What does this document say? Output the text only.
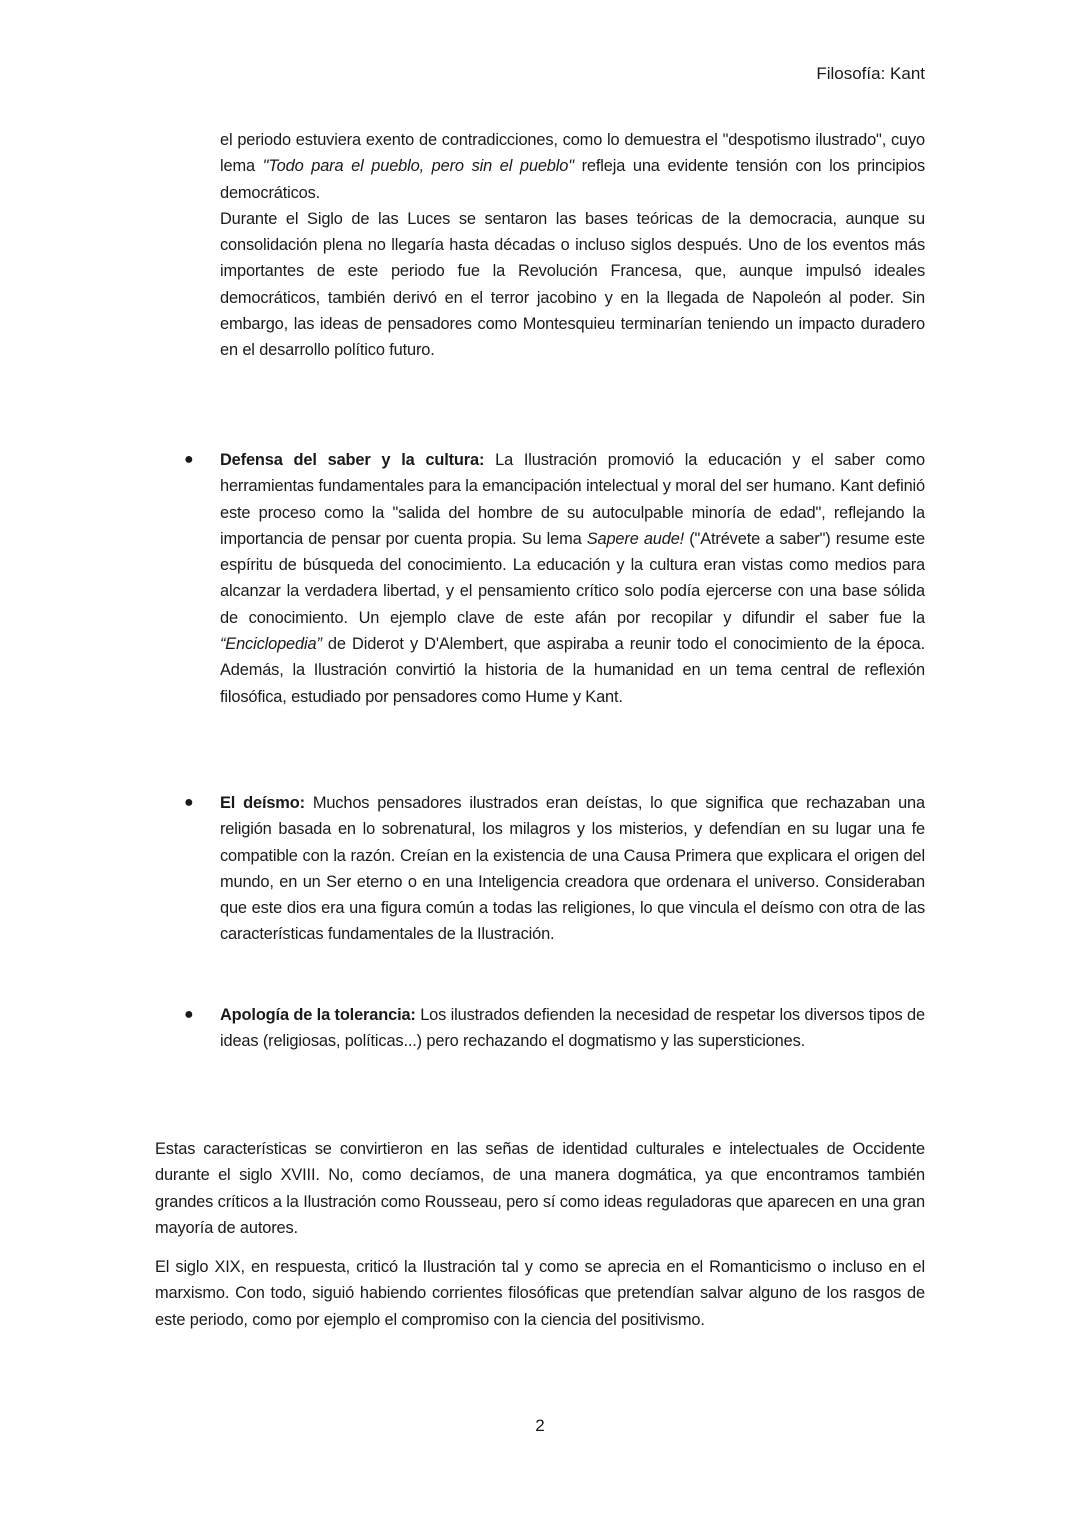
Filosofía: Kant
el periodo estuviera exento de contradicciones, como lo demuestra el "despotismo ilustrado", cuyo lema "Todo para el pueblo, pero sin el pueblo" refleja una evidente tensión con los principios democráticos.
Durante el Siglo de las Luces se sentaron las bases teóricas de la democracia, aunque su consolidación plena no llegaría hasta décadas o incluso siglos después. Uno de los eventos más importantes de este periodo fue la Revolución Francesa, que, aunque impulsó ideales democráticos, también derivó en el terror jacobino y en la llegada de Napoleón al poder. Sin embargo, las ideas de pensadores como Montesquieu terminarían teniendo un impacto duradero en el desarrollo político futuro.
● Defensa del saber y la cultura: La Ilustración promovió la educación y el saber como herramientas fundamentales para la emancipación intelectual y moral del ser humano. Kant definió este proceso como la "salida del hombre de su autoculpable minoría de edad", reflejando la importancia de pensar por cuenta propia. Su lema Sapere aude! ("Atrévete a saber") resume este espíritu de búsqueda del conocimiento. La educación y la cultura eran vistas como medios para alcanzar la verdadera libertad, y el pensamiento crítico solo podía ejercerse con una base sólida de conocimiento. Un ejemplo clave de este afán por recopilar y difundir el saber fue la “Enciclopedia” de Diderot y D'Alembert, que aspiraba a reunir todo el conocimiento de la época. Además, la Ilustración convirtió la historia de la humanidad en un tema central de reflexión filosófica, estudiado por pensadores como Hume y Kant.
● El deísmo: Muchos pensadores ilustrados eran deístas, lo que significa que rechazaban una religión basada en lo sobrenatural, los milagros y los misterios, y defendían en su lugar una fe compatible con la razón. Creían en la existencia de una Causa Primera que explicara el origen del mundo, en un Ser eterno o en una Inteligencia creadora que ordenara el universo. Consideraban que este dios era una figura común a todas las religiones, lo que vincula el deísmo con otra de las características fundamentales de la Ilustración.
● Apología de la tolerancia: Los ilustrados defienden la necesidad de respetar los diversos tipos de ideas (religiosas, políticas...) pero rechazando el dogmatismo y las supersticiones.
Estas características se convirtieron en las señas de identidad culturales e intelectuales de Occidente durante el siglo XVIII. No, como decíamos, de una manera dogmática, ya que encontramos también grandes críticos a la Ilustración como Rousseau, pero sí como ideas reguladoras que aparecen en una gran mayoría de autores.
El siglo XIX, en respuesta, criticó la Ilustración tal y como se aprecia en el Romanticismo o incluso en el marxismo. Con todo, siguió habiendo corrientes filosóficas que pretendían salvar alguno de los rasgos de este periodo, como por ejemplo el compromiso con la ciencia del positivismo.
2
